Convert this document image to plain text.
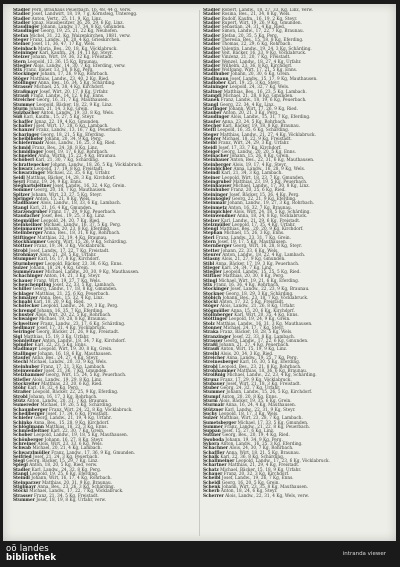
Stadler Pern, Bräuhaus Peuerbach, 16, 48, 44 g, Verw.

Stadler Josef, Landwirt, 18, 19, 7 g, Körnsteig, Unteregg.

Stadler Anton, Vertr., 25, 11, 9, Kg, Linz.

Stadler Ignaz, Hausbesitzer, 36, 26, 29, 6 Kg, Linz.

Staudinger Johann, Landw. 17, 34, 8 Kg, Gmunden.

Staudinger Georg, 19, 25, 21, 22 Kg, Neuhofen.

Stefan Michel, 31, 22, Kg, Waizenkirchen, 1881, verw.

Steger Franz, Landw., 16, 20, 4 Kg, Grieskirchen.

Steiner Josef, 11, 36, 47, 17 Kg, Wels.

Steinbach Maria, Bes., 20, 18, Kg, Vöcklabruck.

Steininger Karl, Kaufm., 24, 14, 11 Kg, Steyr.

Stelzer Johann, Wirt, 19, 36, 32 Kg, Freistadt.

Stern Leopold, 12, 36, 15 Kg, Braunau.

Stiegler Alois, Landw., 14, 30, 7 Kg, Eferding, verw.

Stix Franz, Bauer, 13, 18, 8 Kg, Perg.

Stockinger Johann, 17, 26, 9 Kg, Rohrbach.

Stöger Matthias, Landw., 23, 40, 2 Kg, Ried.

Stöllinger Anna, Bes., 16, 34, 5 Kg, Schärding.

Strasser Michael, 25, 38, 4 Kg, Kirchdorf.

Straßmayr Josef, Wirt, 20, 17, 8 Kg, Urfahr.

Strauß Franz, Landw., 14, 12, 6 Kg, Enns.

Streicher Georg, 16, 31, 7 Kg, Mauthausen.

Stummer Leopold, Bäcker, 18, 22, 9 Kg, Linz.

Sturm Johann, 21, 14, 3 Kg, Grein.

Sulzbacher Anton, Landw., 19, 33, 8 Kg, Wels.

Süß Karl, Kaufm., 15, 27, 5 Kg, Steyr.

Schaffer Ignaz, 22, 19, 4 Kg, Gmunden.

Schaller Josef, Wirt, 17, 28, 6 Kg, Lambach.

Schanzer Franz, Landw., 13, 16, 7 Kg, Peuerbach.

Scharinger Georg, 18, 21, 5 Kg, Eferding.

Scheiblhofer Johann, 20, 34, 9 Kg, Perg.

Schiefermair Alois, Landw., 16, 25, 3 Kg, Ried.

Schmid Franz, Bes., 24, 38, 8 Kg, Linz.

Schmidinger Josef, 19, 17, 6 Kg, Rohrbach.

Schneider Anna, Wirtin, 15, 22, 4 Kg, Braunau.

Schöberl Karl, 21, 30, 7 Kg, Schärding.

Schrattenecker Johann, Landw., 18, 26, 5 Kg, Vöcklabruck.

Schwarz Leopold, 17, 19, 8 Kg, Freistadt.

Schwarzinger Michael, 22, 35, 6 Kg, Urfahr.

Seidl Matthias, Bäcker, 14, 28, 3 Kg, Kirchdorf.

Seyrl Franz, 19, 24, 9 Kg, Enns.

Sieghartsleitner Josef, Landw., 16, 32, 4 Kg, Grein.

Sommer Georg, 20, 18, 7 Kg, Mauthausen.

Spitzer Johann, Wirt, 23, 27, 5 Kg, Steyr.

Springer Anton, 15, 21, 8 Kg, Wels.

Stadlbauer Alois, Landw., 18, 33, 6 Kg, Lambach.

Stangl Karl, 21, 16, 4 Kg, Gmunden.

Starzengruber Franz, 17, 29, 9 Kg, Peuerbach.

Staudacher Josef, Bes., 19, 25, 3 Kg, Linz.

Stegmüller Leopold, 24, 20, 7 Kg, Ried.

Steinkellner Michael, Landw., 16, 37, 5 Kg, Perg.

Steinmaurer Johann, 20, 23, 8 Kg, Eferding.

Stellnberger Anna, Bes., 18, 31, 6 Kg, Rohrbach.

Stiftinger Matthias, 22, 19, 4 Kg, Braunau.

Stockhammer Georg, Wirt, 15, 26, 9 Kg, Schärding.

Stöttner Franz, 19, 34, 3 Kg, Vöcklabruck.

Strobl Josef, Landw., 17, 22, 7 Kg, Freistadt.

Strohmayr Alois, 21, 28, 5 Kg, Urfahr.

Stumpner Karl, 16, 17, 8 Kg, Kirchdorf.

Sturmberger Leopold, Bäcker, 23, 36, 6 Kg, Enns.

Sulzer Johann, 18, 24, 4 Kg, Grein.

Summerauer Michael, Landw., 20, 30, 9 Kg, Mauthausen.

Schachinger Anton, 14, 21, 3 Kg, Steyr.

Schauer Franz, Wirt, 19, 27, 7 Kg, Wels.

Scheuchenpflug Josef, 22, 33, 5 Kg, Lambach.

Schiller Georg, Landw., 17, 18, 8 Kg, Gmunden.

Schlager Matthias, 21, 25, 6 Kg, Peuerbach.

Schmalzer Anna, Bes., 15, 32, 4 Kg, Linz.

Schnabl Karl, 18, 20, 9 Kg, Ried.

Schöfecker Leopold, Landw., 24, 29, 3 Kg, Perg.

Schrempf Johann, 16, 35, 7 Kg, Eferding.

Schuster Alois, Wirt, 20, 22, 5 Kg, Rohrbach.

Schwaiger Michael, 19, 28, 8 Kg, Braunau.

Schweitzer Franz, Landw., 23, 17, 6 Kg, Schärding.

Sedlmayr Josef, 17, 31, 4 Kg, Vöcklabruck.

Seiringer Georg, Bäcker, 21, 26, 9 Kg, Freistadt.

Sigl Matthias, 15, 19, 3 Kg, Urfahr.

Sonnleitner Anton, Landw., 18, 34, 7 Kg, Kirchdorf.

Spindler Karl, 22, 23, 5 Kg, Enns.

Stadlmayr Leopold, Wirt, 19, 30, 8 Kg, Grein.

Stallinger Johann, 16, 18, 6 Kg, Mauthausen.

Staufer Anna, Bes., 24, 27, 4 Kg, Steyr.

Stechl Michael, Landw., 20, 33, 9 Kg, Wels.

Steinhuber Franz, 17, 21, 3 Kg, Lambach.

Steinwender Josef, 21, 36, 7 Kg, Gmunden.

Stelzhammer Georg, Wirt, 15, 24, 5 Kg, Peuerbach.

Stiefler Alois, Landw., 19, 29, 8 Kg, Linz.

Stockreiter Matthias, 23, 20, 6 Kg, Ried.

Stöhr Karl, 18, 32, 4 Kg, Perg.

Straßer Leopold, Bäcker, 22, 25, 9 Kg, Eferding.

Strobl Johann, 16, 17, 3 Kg, Rohrbach.

Stütz Anton, Landw., 20, 31, 7 Kg, Braunau.

Sumereder Michael, 19, 26, 5 Kg, Schärding.

Schaumberger Franz, Wirt, 24, 22, 8 Kg, Vöcklabruck.

Schedlberger Josef, 17, 34, 6 Kg, Freistadt.

Schiefer Georg, Landw., 21, 19, 4 Kg, Urfahr.

Schinko Anna, Bes., 15, 28, 9 Kg, Kirchdorf.

Schlöglmann Matthias, 18, 23, 3 Kg, Enns.

Schmiedleitner Karl, 22, 30, 7 Kg, Grein.

Schober Leopold, Landw., 19, 18, 5 Kg, Mauthausen.

Schönberger Johann, 16, 27, 8 Kg, Steyr.

Schreiner Alois, Wirt, 23, 33, 6 Kg, Wels.

Schwab Michael, 20, 21, 4 Kg, Lambach.

Schwarzlmüller Franz, Landw., 17, 36, 9 Kg, Gmunden.

Seifried Josef, 21, 24, 3 Kg, Peuerbach.

Siegl Georg, Bäcker, 15, 29, 7 Kg, Linz.

Spiegl Anton, 18, 20, 5 Kg, Ried, verw.

Stadler Karl, Landw., 24, 32, 8 Kg, Perg.

Stangl Leopold, 19, 25, 6 Kg, Eferding.

Steindl Johann, Wirt, 16, 17, 4 Kg, Rohrbach.

Steinparzer Matthias, 20, 31, 9 Kg, Braunau.

Stiglmayr Anna, Bes., 23, 26, 3 Kg, Schärding.

Stöckl Michael, Landw., 17, 22, 7 Kg, Vöcklabruck.

Strasser Franz, 21, 34, 5 Kg, Freistadt.

Stummer Josef, 18, 19, 8 Kg, Urfahr, verw.

Stadler Robert, Landw., 18, 27, 33, Kg, Linz, Verw.

Stadler Rosina, Bes., 21, 34, 8 Kg, Wels.

Stadler Rudolf, Kaufm., 16, 19, 2 Kg, Steyr.

Stadler Rupert, Wirt, 19, 26, 9 Kg, Gmunden.

Stadler Sebastian, 24, 31, 4 Kg, Ried.

Stadler Simon, Landw., 17, 22, 7 Kg, Braunau.

Stadler Stefan, 20, 35, 5 Kg, Perg.

Stadler Theresia, Bes., 15, 18, 8 Kg, Eferding.

Stadler Thomas, 22, 29, 6 Kg, Rohrbach.

Stadler Valentin, Landw., 19, 24, 3 Kg, Schärding.

Stadler Veit, Bäcker, 16, 33, 9 Kg, Vöcklabruck.

Stadler Vinzenz, 21, 20, 7 Kg, Freistadt.

Stadler Wenzel, Landw., 18, 27, 4 Kg, Urfahr.

Stadler Wilhelm, 23, 36, 8 Kg, Kirchdorf.

Stadler Wolfgang, Wirt, 17, 21, 5 Kg, Enns.

Stadlhuber Johann, 20, 30, 6 Kg, Grein.

Stadlmann Josef, Landw., 15, 17, 9 Kg, Mauthausen.

Stadlober Karl, 19, 25, 3 Kg, Steyr.

Staininger Leopold, 24, 32, 7 Kg, Wels.

Staltner Matthias, Bes., 16, 23, 5 Kg, Lambach.

Stampfl Michael, 21, 28, 8 Kg, Gmunden.

Stanek Franz, Landw., 18, 19, 6 Kg, Peuerbach.

Stangl Georg, 22, 34, 4 Kg, Linz.

Starlinger Johann, Wirt, 17, 26, 9 Kg, Ried.

Stauber Anton, 20, 21, 3 Kg, Perg.

Staudinger Alois, Landw., 15, 31, 7 Kg, Eferding.

Staufer Anna, 23, 24, 5 Kg, Rohrbach.

Stecher Karl, Bäcker, 19, 18, 8 Kg, Braunau.

Steffl Leopold, 16, 35, 6 Kg, Schärding.

Steger Matthias, Landw., 21, 27, 4 Kg, Vöcklabruck.

Stehrer Michael, 18, 22, 9 Kg, Freistadt.

Steibl Franz, Wirt, 24, 29, 3 Kg, Urfahr.

Steidl Josef, 17, 33, 7 Kg, Kirchdorf.

Steiger Georg, Landw., 20, 20, 5 Kg, Enns.

Steinacher Johann, 15, 26, 8 Kg, Grein.

Steinbauer Anton, Bes., 22, 31, 6 Kg, Mauthausen.

Steinberger Alois, 19, 17, 4 Kg, Steyr.

Steinbichler Anna, Landw., 16, 28, 9 Kg, Wels.

Steindl Karl, 21, 34, 3 Kg, Lambach.

Steiner Leopold, Wirt, 18, 23, 7 Kg, Gmunden.

Steingruber Matthias, 23, 19, 5 Kg, Peuerbach.

Steinhauser Michael, Landw., 17, 30, 8 Kg, Linz.

Steinhuber Franz, 20, 25, 6 Kg, Ried.

Steininger Josef, Bäcker, 15, 36, 4 Kg, Perg.

Steinkogler Georg, 22, 21, 9 Kg, Eferding.

Steinmair Johann, Landw., 19, 27, 3 Kg, Rohrbach.

Steinmetz Anton, 16, 32, 7 Kg, Braunau.

Steinpichler Alois, Wirt, 24, 18, 5 Kg, Schärding.

Steinwendner Anna, 18, 24, 8 Kg, Vöcklabruck.

Stelzer Karl, Landw., 21, 29, 6 Kg, Freistadt.

Stelzmüller Leopold, 17, 35, 4 Kg, Urfahr.

Stengl Matthias, Bes., 20, 20, 9 Kg, Kirchdorf.

Stephan Michael, 15, 26, 3 Kg, Enns.

Sterl Franz, Landw., 23, 31, 7 Kg, Grein.

Stern Josef, 19, 17, 5 Kg, Mauthausen.

Sternberger Georg, Wirt, 16, 28, 8 Kg, Steyr.

Stetter Johann, 22, 33, 6 Kg, Wels.

Steurer Anton, Landw., 18, 22, 4 Kg, Lambach.

Stiasny Alois, 21, 27, 9 Kg, Gmunden.

Stibl Anna, Bäcker, 17, 19, 3 Kg, Peuerbach.

Stieger Karl, 24, 34, 7 Kg, Linz.

Stiegler Leopold, Landw., 15, 25, 5 Kg, Ried.

Stiftner Matthias, 20, 30, 8 Kg, Perg.

Stingl Michael, Wirt, 19, 21, 6 Kg, Eferding.

Stix Franz, 16, 36, 4 Kg, Rohrbach.

Stockinger Josef, Landw., 22, 23, 9 Kg, Braunau.

Stockner Georg, 18, 29, 3 Kg, Schärding.

Stöbich Johann, Bes., 23, 18, 7 Kg, Vöcklabruck.

Stöckl Anton, 17, 32, 5 Kg, Freistadt.

Stöger Alois, Landw., 21, 26, 8 Kg, Urfahr.

Stögmüller Anna, 15, 20, 6 Kg, Kirchdorf.

Stöllnberger Karl, Wirt, 20, 35, 4 Kg, Enns.

Stöttinger Leopold, 19, 24, 9 Kg, Grein.

Stolz Matthias, Landw., 16, 31, 3 Kg, Mauthausen.

Stonner Michael, 24, 17, 7 Kg, Steyr.

Straka Franz, Bäcker, 18, 28, 5 Kg, Wels.

Stranzinger Josef, 22, 33, 8 Kg, Lambach.

Strasser Georg, Landw., 17, 22, 6 Kg, Gmunden.

Straßl Johann, 21, 27, 4 Kg, Peuerbach.

Strauß Anton, Wirt, 15, 19, 9 Kg, Linz.

Streibl Alois, 20, 34, 3 Kg, Ried.

Streicher Anna, Landw., 19, 25, 7 Kg, Perg.

Streinesberger Karl, 16, 30, 5 Kg, Eferding.

Strobl Leopold, Bes., 23, 21, 8 Kg, Rohrbach.

Strohhammer Matthias, 18, 36, 6 Kg, Braunau.

Stroißnig Michael, Landw., 22, 23, 4 Kg, Schärding.

Strunz Franz, 17, 29, 9 Kg, Vöcklabruck.

Stubauer Josef, Wirt, 21, 18, 3 Kg, Freistadt.

Stuber Georg, 24, 32, 7 Kg, Urfahr.

Stummer Johann, Landw., 15, 26, 5 Kg, Kirchdorf.

Stumpf Anton, 20, 20, 8 Kg, Enns.

Sturm Alois, Bäcker, 19, 35, 6 Kg, Grein.

Sturmair Anna, 16, 24, 4 Kg, Mauthausen.

Stützner Karl, Landw., 22, 31, 9 Kg, Steyr.

Suchy Leopold, 18, 17, 3 Kg, Wels.

Sulzer Matthias, Wirt, 23, 28, 7 Kg, Lambach.

Sumetsberger Michael, 17, 33, 5 Kg, Gmunden.

Summer Franz, Landw., 21, 22, 8 Kg, Peuerbach.

Suppan Josef, 15, 27, 6 Kg, Linz.

Suttner Georg, Bes., 20, 19, 4 Kg, Ried.

Swoboda Johann, 19, 34, 9 Kg, Perg.

Sykora Anton, Landw., 16, 25, 3 Kg, Eferding.

Schachner Alois, 24, 30, 7 Kg, Rohrbach.

Schaffler Anna, Wirt, 18, 21, 5 Kg, Braunau.

Schalk Karl, 22, 36, 8 Kg, Schärding.

Schallmeiner Leopold, Landw., 17, 23, 6 Kg, Vöcklabruck.

Schartner Matthias, 21, 29, 4 Kg, Freistadt.

Schatz Michael, Bäcker, 15, 18, 9 Kg, Urfahr.

Schauer Franz, 20, 32, 3 Kg, Kirchdorf.

Scheibl Josef, Landw., 19, 26, 7 Kg, Enns.

Scheidl Georg, 16, 20, 5 Kg, Grein.

Schenk Johann, Wirt, 23, 35, 8 Kg, Mauthausen.

Scherb Anton, 18, 24, 6 Kg, Steyr.

Scherrer Alois, Landw., 22, 31, 4 Kg, Wels, verw.

oö landes
bibliothek	intranda viewer
